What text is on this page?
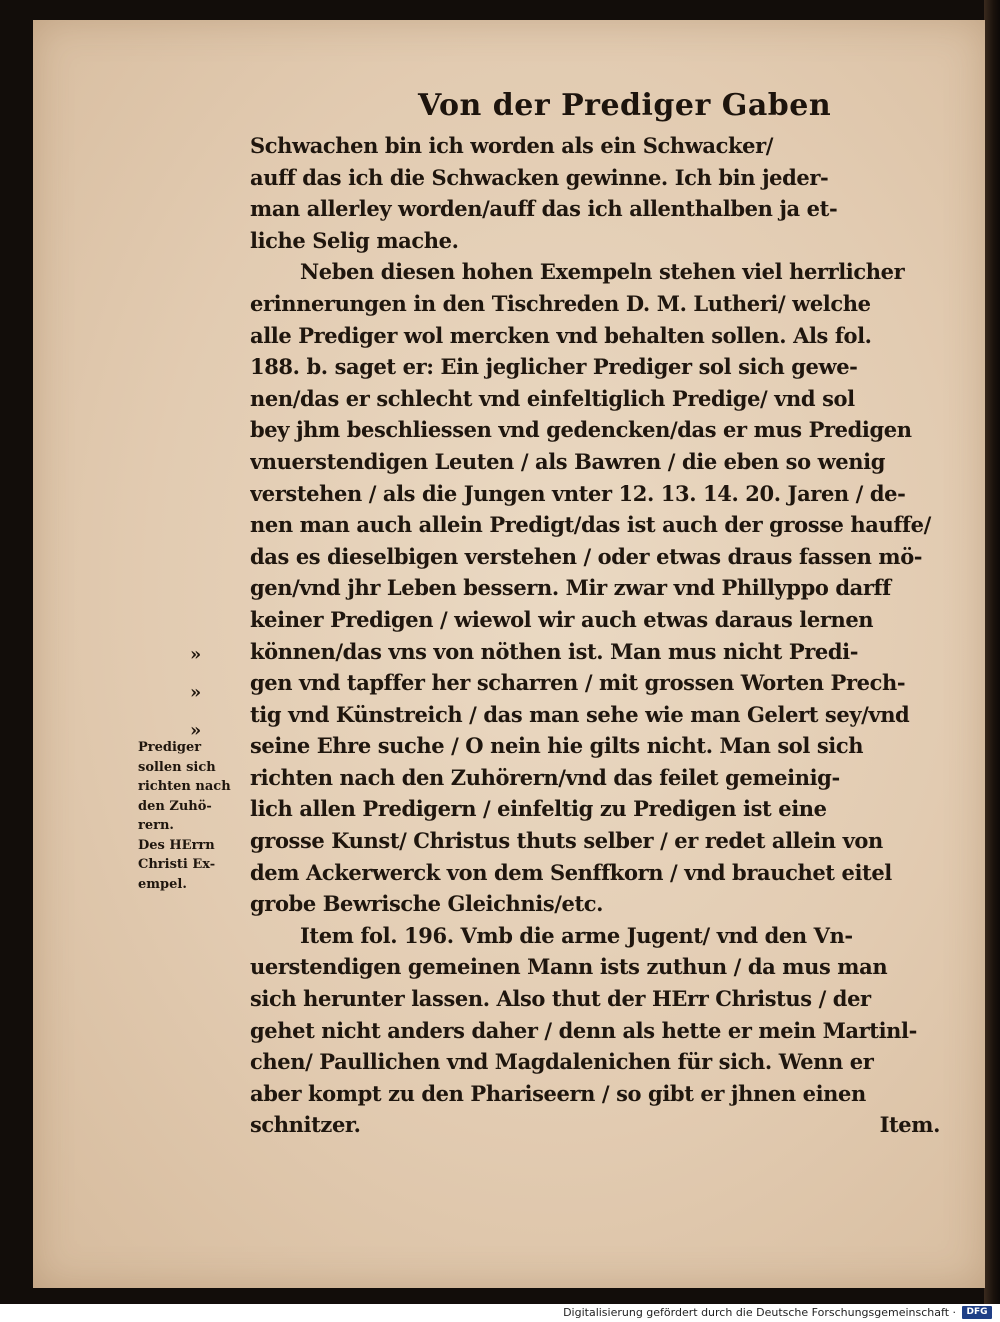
Von der Prediger Gaben
»
»
»
Schwachen bin ich worden als ein Schwacker/
auff das ich die Schwacken gewinne. Ich bin jeder-
man allerley worden/auff das ich allenthalben ja et-
liche Selig mache.
Neben diesen hohen Exempeln stehen viel herrlicher
erinnerungen in den Tischreden D. M. Lutheri/ welche
alle Prediger wol mercken vnd behalten sollen. Als fol.
188. b. saget er: Ein jeglicher Prediger sol sich gewe-
nen/das er schlecht vnd einfeltiglich Predige/ vnd sol
bey jhm beschliessen vnd gedencken/das er mus Predigen
vnuerstendigen Leuten / als Bawren / die eben so wenig
verstehen / als die Jungen vnter 12. 13. 14. 20. Jaren / de-
nen man auch allein Predigt/das ist auch der grosse hauffe/
das es dieselbigen verstehen / oder etwas draus fassen mö-
gen/vnd jhr Leben bessern. Mir zwar vnd Phillyppo darff
keiner Predigen / wiewol wir auch etwas daraus lernen
können/das vns von nöthen ist. Man mus nicht Predi-
gen vnd tapffer her scharren / mit grossen Worten Prech-
tig vnd Künstreich / das man sehe wie man Gelert sey/vnd
seine Ehre suche / O nein hie gilts nicht. Man sol sich
richten nach den Zuhörern/vnd das feilet gemeinig-
lich allen Predigern / einfeltig zu Predigen ist eine
grosse Kunst/ Christus thuts selber / er redet allein von
dem Ackerwerck von dem Senffkorn / vnd brauchet eitel
grobe Bewrische Gleichnis/etc.
Item fol. 196. Vmb die arme Jugent/ vnd den Vn-
uerstendigen gemeinen Mann ists zuthun / da mus man
sich herunter lassen. Also thut der HErr Christus / der
gehet nicht anders daher / denn als hette er mein Martinl-
chen/ Paullichen vnd Magdalenichen für sich. Wenn er
aber kompt zu den Phariseern / so gibt er jhnen einen
schnitzer.	Item.
Prediger
sollen sich
richten nach
den Zuhö-
rern.
Des HErrn
Christi Ex-
empel.
Digitalisierung gefördert durch die Deutsche Forschungsgemeinschaft ·	DFG
